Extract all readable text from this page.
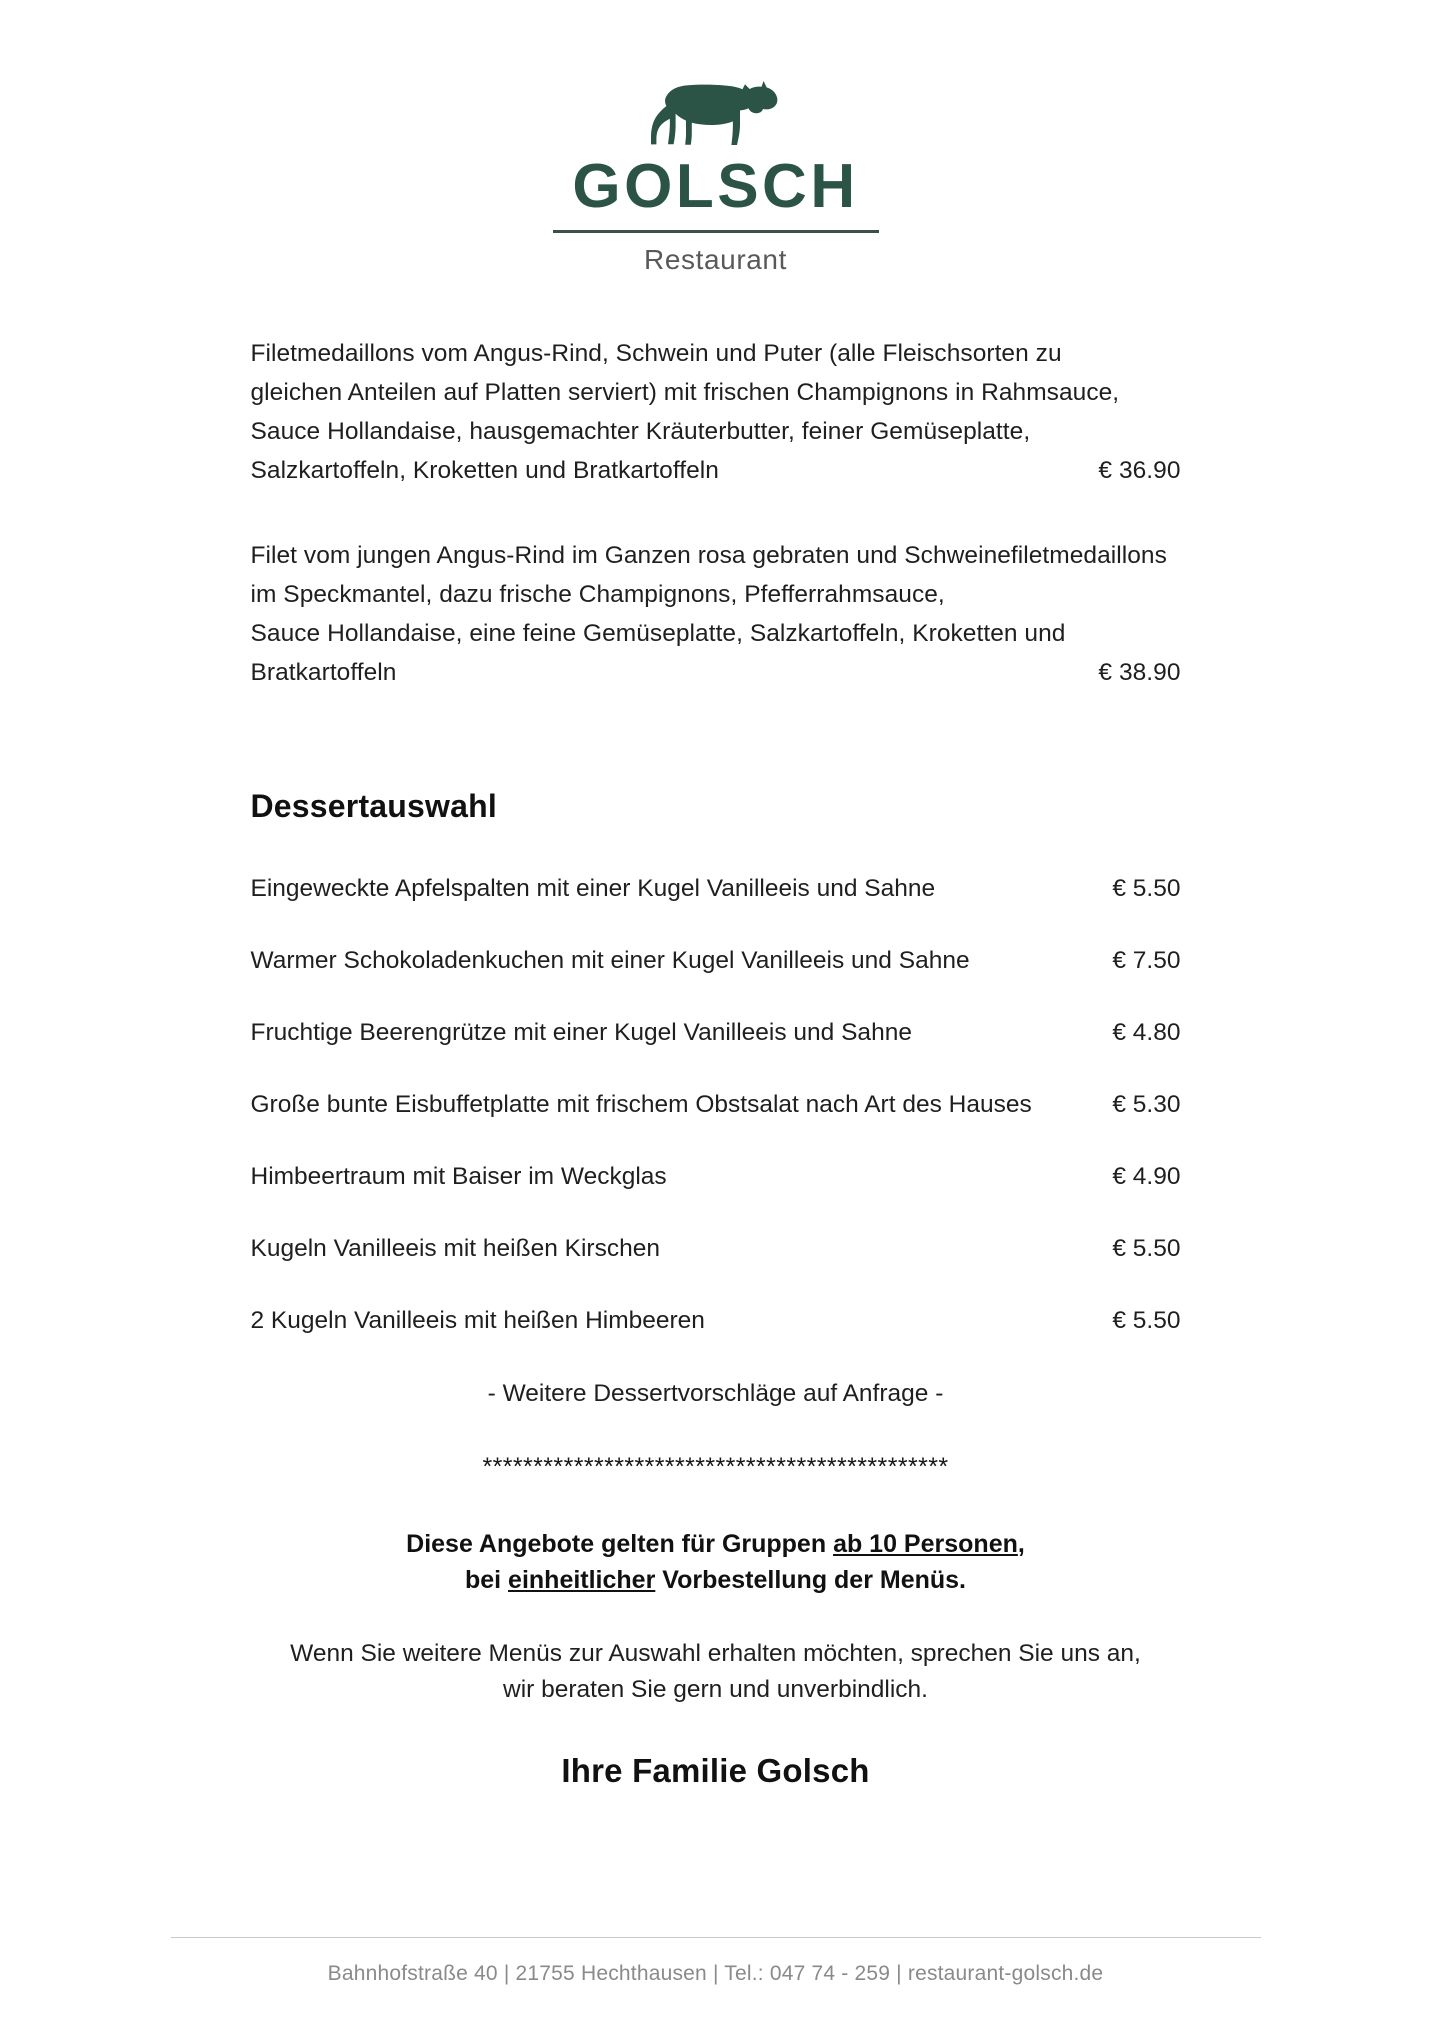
GOLSCH
Restaurant
Filetmedaillons vom Angus-Rind, Schwein und Puter (alle Fleischsorten zu
gleichen Anteilen auf Platten serviert) mit frischen Champignons in Rahmsauce,
Sauce Hollandaise, hausgemachter Kräuterbutter, feiner Gemüseplatte,
Salzkartoffeln, Kroketten und Bratkartoffeln	€ 36.90
Filet vom jungen Angus-Rind im Ganzen rosa gebraten und Schweinefiletmedaillons
im Speckmantel, dazu frische Champignons, Pfefferrahmsauce,
Sauce Hollandaise, eine feine Gemüseplatte, Salzkartoffeln, Kroketten und
Bratkartoffeln	€ 38.90
Dessertauswahl
Eingeweckte Apfelspalten mit einer Kugel Vanilleeis und Sahne	€ 5.50
Warmer Schokoladenkuchen mit einer Kugel Vanilleeis und Sahne	€ 7.50
Fruchtige Beerengrütze mit einer Kugel Vanilleeis und Sahne	€ 4.80
Große bunte Eisbuffetplatte mit frischem Obstsalat nach Art des Hauses	€ 5.30
Himbeertraum mit Baiser im Weckglas	€ 4.90
Kugeln Vanilleeis mit heißen Kirschen	€ 5.50
2 Kugeln Vanilleeis mit heißen Himbeeren	€ 5.50
- Weitere Dessertvorschläge auf Anfrage -
**********************************************
Diese Angebote gelten für Gruppen ab 10 Personen,
bei einheitlicher Vorbestellung der Menüs.
Wenn Sie weitere Menüs zur Auswahl erhalten möchten, sprechen Sie uns an,
wir beraten Sie gern und unverbindlich.
Ihre Familie Golsch
Bahnhofstraße 40 | 21755 Hechthausen | Tel.: 047 74 - 259 | restaurant-golsch.de
